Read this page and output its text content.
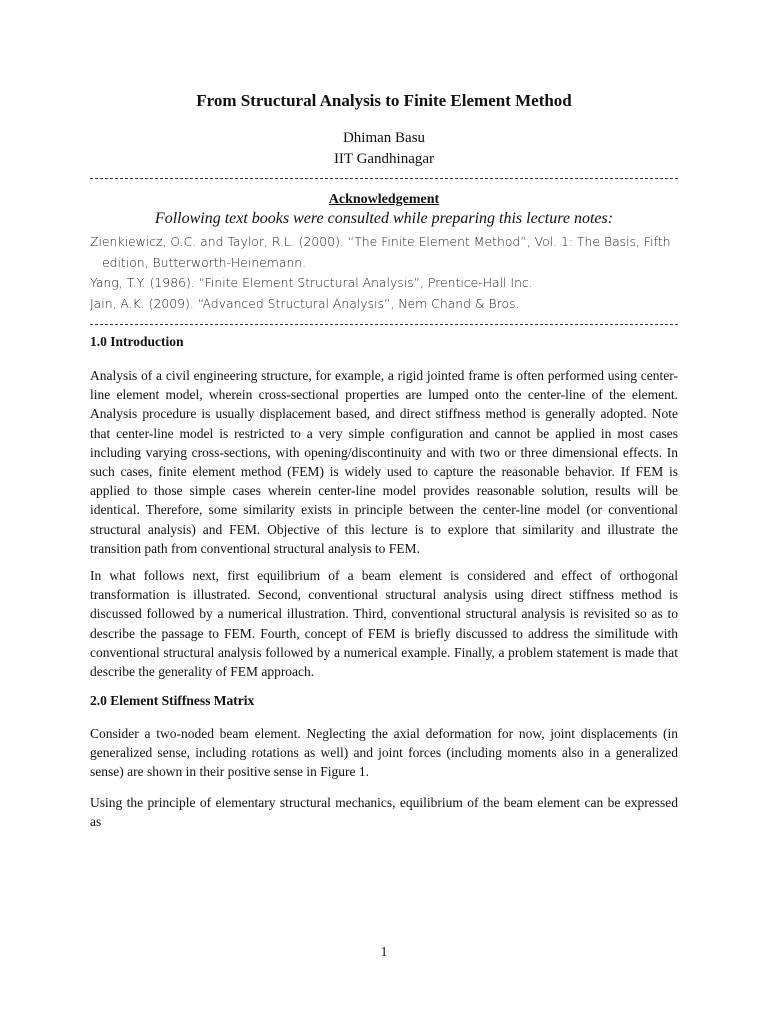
From Structural Analysis to Finite Element Method
Dhiman Basu
IIT Gandhinagar
Acknowledgement
Following text books were consulted while preparing this lecture notes:

Zienkiewicz, O.C. and Taylor, R.L. (2000). “The Finite Element Method”, Vol. 1: The Basis, Fifth edition, Butterworth-Heinemann.

Yang, T.Y. (1986). “Finite Element Structural Analysis”, Prentice-Hall Inc.

Jain, A.K. (2009). “Advanced Structural Analysis”, Nem Chand & Bros.

1.0 Introduction

Analysis of a civil engineering structure, for example, a rigid jointed frame is often performed using center-line element model, wherein cross-sectional properties are lumped onto the center-line of the element. Analysis procedure is usually displacement based, and direct stiffness method is generally adopted. Note that center-line model is restricted to a very simple configuration and cannot be applied in most cases including varying cross-sections, with opening/discontinuity and with two or three dimensional effects. In such cases, finite element method (FEM) is widely used to capture the reasonable behavior. If FEM is applied to those simple cases wherein center-line model provides reasonable solution, results will be identical. Therefore, some similarity exists in principle between the center-line model (or conventional structural analysis) and FEM. Objective of this lecture is to explore that similarity and illustrate the transition path from conventional structural analysis to FEM.

In what follows next, first equilibrium of a beam element is considered and effect of orthogonal transformation is illustrated. Second, conventional structural analysis using direct stiffness method is discussed followed by a numerical illustration. Third, conventional structural analysis is revisited so as to describe the passage to FEM. Fourth, concept of FEM is briefly discussed to address the similitude with conventional structural analysis followed by a numerical example. Finally, a problem statement is made that describe the generality of FEM approach.

2.0 Element Stiffness Matrix

Consider a two-noded beam element. Neglecting the axial deformation for now, joint displacements (in generalized sense, including rotations as well) and joint forces (including moments also in a generalized sense) are shown in their positive sense in Figure 1.

Using the principle of elementary structural mechanics, equilibrium of the beam element can be expressed as

1
